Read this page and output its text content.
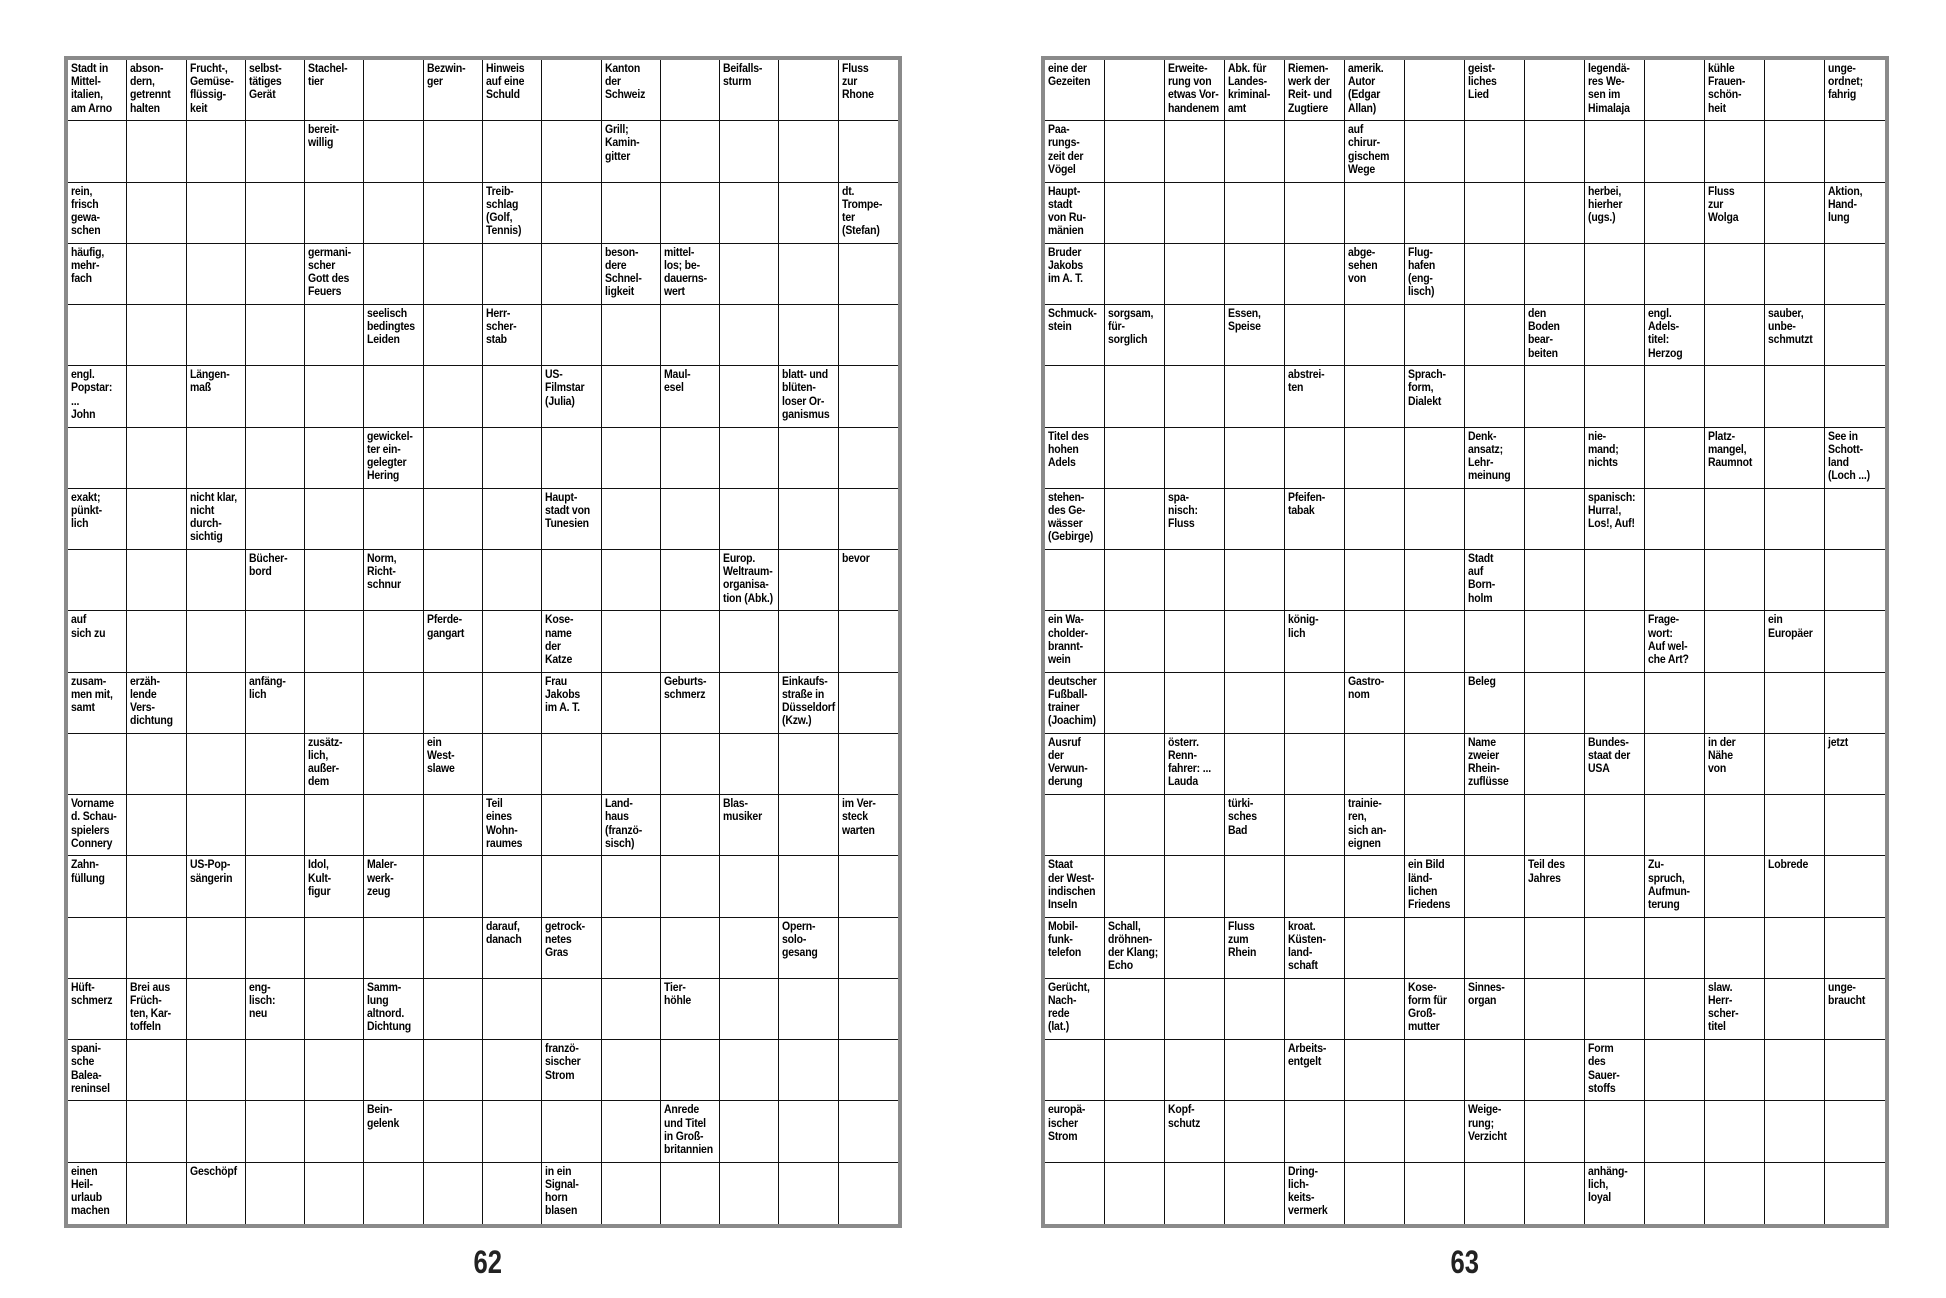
Stadt in
Mittel-
italien,
am Arno
abson-
dern,
getrennt
halten
Frucht-,
Gemüse-
flüssig-
keit
selbst-
tätiges
Gerät
Stachel-
tier
Bezwin-
ger
Hinweis
auf eine
Schuld
Kanton
der
Schweiz
Beifalls-
sturm
Fluss
zur
Rhone
bereit-
willig
Grill;
Kamin-
gitter
rein,
frisch
gewa-
schen
Treib-
schlag
(Golf,
Tennis)
dt.
Trompe-
ter
(Stefan)
häufig,
mehr-
fach
germani-
scher
Gott des
Feuers
beson-
dere
Schnel-
ligkeit
mittel-
los; be-
dauerns-
wert
seelisch
bedingtes
Leiden
Herr-
scher-
stab
engl.
Popstar:
...
John
Längen-
maß
US-
Filmstar
(Julia)
Maul-
esel
blatt- und
blüten-
loser Or-
ganismus
gewickel-
ter ein-
gelegter
Hering
exakt;
pünkt-
lich
nicht klar,
nicht
durch-
sichtig
Haupt-
stadt von
Tunesien
Bücher-
bord
Norm,
Richt-
schnur
Europ.
Weltraum-
organisa-
tion (Abk.)
bevor
auf
sich zu
Pferde-
gangart
Kose-
name
der
Katze
zusam-
men mit,
samt
erzäh-
lende
Vers-
dichtung
anfäng-
lich
Frau
Jakobs
im A. T.
Geburts-
schmerz
Einkaufs-
straße in
Düsseldorf
(Kzw.)
zusätz-
lich,
außer-
dem
ein
West-
slawe
Vorname
d. Schau-
spielers
Connery
Teil
eines
Wohn-
raumes
Land-
haus
(franzö-
sisch)
Blas-
musiker
im Ver-
steck
warten
Zahn-
füllung
US-Pop-
sängerin
Idol,
Kult-
figur
Maler-
werk-
zeug
darauf,
danach
getrock-
netes
Gras
Opern-
solo-
gesang
Hüft-
schmerz
Brei aus
Früch-
ten, Kar-
toffeln
eng-
lisch:
neu
Samm-
lung
altnord.
Dichtung
Tier-
höhle
spani-
sche
Balea-
reninsel
franzö-
sischer
Strom
Bein-
gelenk
Anrede
und Titel
in Groß-
britannien
einen
Heil-
urlaub
machen
Geschöpf	in ein
Signal-
horn
blasen
eine der
Gezeiten
Erweite-
rung von
etwas Vor-
handenem
Abk. für
Landes-
kriminal-
amt
Riemen-
werk der
Reit- und
Zugtiere
amerik.
Autor
(Edgar
Allan)
geist-
liches
Lied
legendä-
res We-
sen im
Himalaja
kühle
Frauen-
schön-
heit
unge-
ordnet;
fahrig
Paa-
rungs-
zeit der
Vögel
auf
chirur-
gischem
Wege
Haupt-
stadt
von Ru-
mänien
herbei,
hierher
(ugs.)
Fluss
zur
Wolga
Aktion,
Hand-
lung
Bruder
Jakobs
im A. T.
abge-
sehen
von
Flug-
hafen
(eng-
lisch)
Schmuck-
stein
sorgsam,
für-
sorglich
Essen,
Speise
den
Boden
bear-
beiten
engl.
Adels-
titel:
Herzog
sauber,
unbe-
schmutzt
abstrei-
ten
Sprach-
form,
Dialekt
Titel des
hohen
Adels
Denk-
ansatz;
Lehr-
meinung
nie-
mand;
nichts
Platz-
mangel,
Raumnot
See in
Schott-
land
(Loch ...)
stehen-
des Ge-
wässer
(Gebirge)
spa-
nisch:
Fluss
Pfeifen-
tabak
spanisch:
Hurra!,
Los!, Auf!
Stadt
auf
Born-
holm
ein Wa-
cholder-
brannt-
wein
könig-
lich
Frage-
wort:
Auf wel-
che Art?
ein
Europäer
deutscher
Fußball-
trainer
(Joachim)
Gastro-
nom
Beleg
Ausruf
der
Verwun-
derung
österr.
Renn-
fahrer: ...
Lauda
Name
zweier
Rhein-
zuflüsse
Bundes-
staat der
USA
in der
Nähe
von
jetzt
türki-
sches
Bad
trainie-
ren,
sich an-
eignen
Staat
der West-
indischen
Inseln
ein Bild
länd-
lichen
Friedens
Teil des
Jahres
Zu-
spruch,
Aufmun-
terung
Lobrede
Mobil-
funk-
telefon
Schall,
dröhnen-
der Klang;
Echo
Fluss
zum
Rhein
kroat.
Küsten-
land-
schaft
Gerücht,
Nach-
rede
(lat.)
Kose-
form für
Groß-
mutter
Sinnes-
organ
slaw.
Herr-
scher-
titel
unge-
braucht
Arbeits-
entgelt
Form
des
Sauer-
stoffs
europä-
ischer
Strom
Kopf-
schutz
Weige-
rung;
Verzicht
Dring-
lich-
keits-
vermerk
anhäng-
lich,
loyal
62	63
